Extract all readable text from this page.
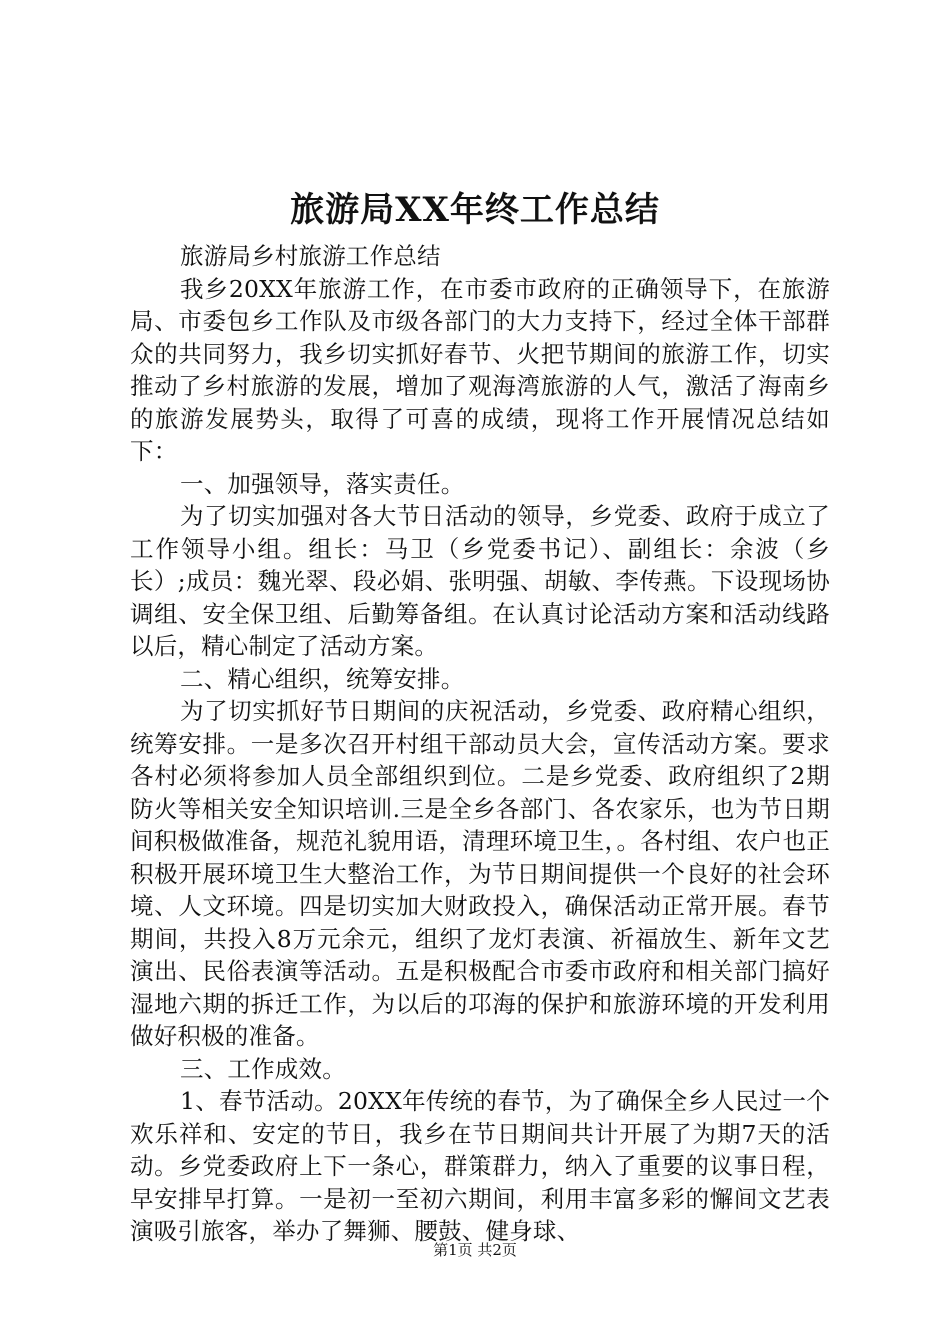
旅游局XX年终工作总结

旅游局乡村旅游工作总结

我乡20XX年旅游工作，在市委市政府的正确领导下，在旅游局、市委包乡工作队及市级各部门的大力支持下，经过全体干部群众的共同努力，我乡切实抓好春节、火把节期间的旅游工作，切实推动了乡村旅游的发展，增加了观海湾旅游的人气，激活了海南乡的旅游发展势头，取得了可喜的成绩，现将工作开展情况总结如下：

一、加强领导，落实责任。

为了切实加强对各大节日活动的领导，乡党委、政府于成立了工作领导小组。组长：马卫（乡党委书记）、副组长：余波（乡长）;成员：魏光翠、段必娟、张明强、胡敏、李传燕。下设现场协调组、安全保卫组、后勤筹备组。在认真讨论活动方案和活动线路以后，精心制定了活动方案。

二、精心组织，统筹安排。

为了切实抓好节日期间的庆祝活动，乡党委、政府精心组织，统筹安排。一是多次召开村组干部动员大会，宣传活动方案。要求各村必须将参加人员全部组织到位。二是乡党委、政府组织了2期防火等相关安全知识培训.三是全乡各部门、各农家乐，也为节日期间积极做准备，规范礼貌用语，清理环境卫生，。各村组、农户也正积极开展环境卫生大整治工作，为节日期间提供一个良好的社会环境、人文环境。四是切实加大财政投入，确保活动正常开展。春节期间，共投入8万元余元，组织了龙灯表演、祈福放生、新年文艺演出、民俗表演等活动。五是积极配合市委市政府和相关部门搞好湿地六期的拆迁工作，为以后的邛海的保护和旅游环境的开发利用做好积极的准备。

三、工作成效。

1、春节活动。20XX年传统的春节，为了确保全乡人民过一个欢乐祥和、安定的节日，我乡在节日期间共计开展了为期7天的活动。乡党委政府上下一条心，群策群力，纳入了重要的议事日程，早安排早打算。一是初一至初六期间，利用丰富多彩的懈间文艺表演吸引旅客，举办了舞狮、腰鼓、健身球、

第1页 共2页
